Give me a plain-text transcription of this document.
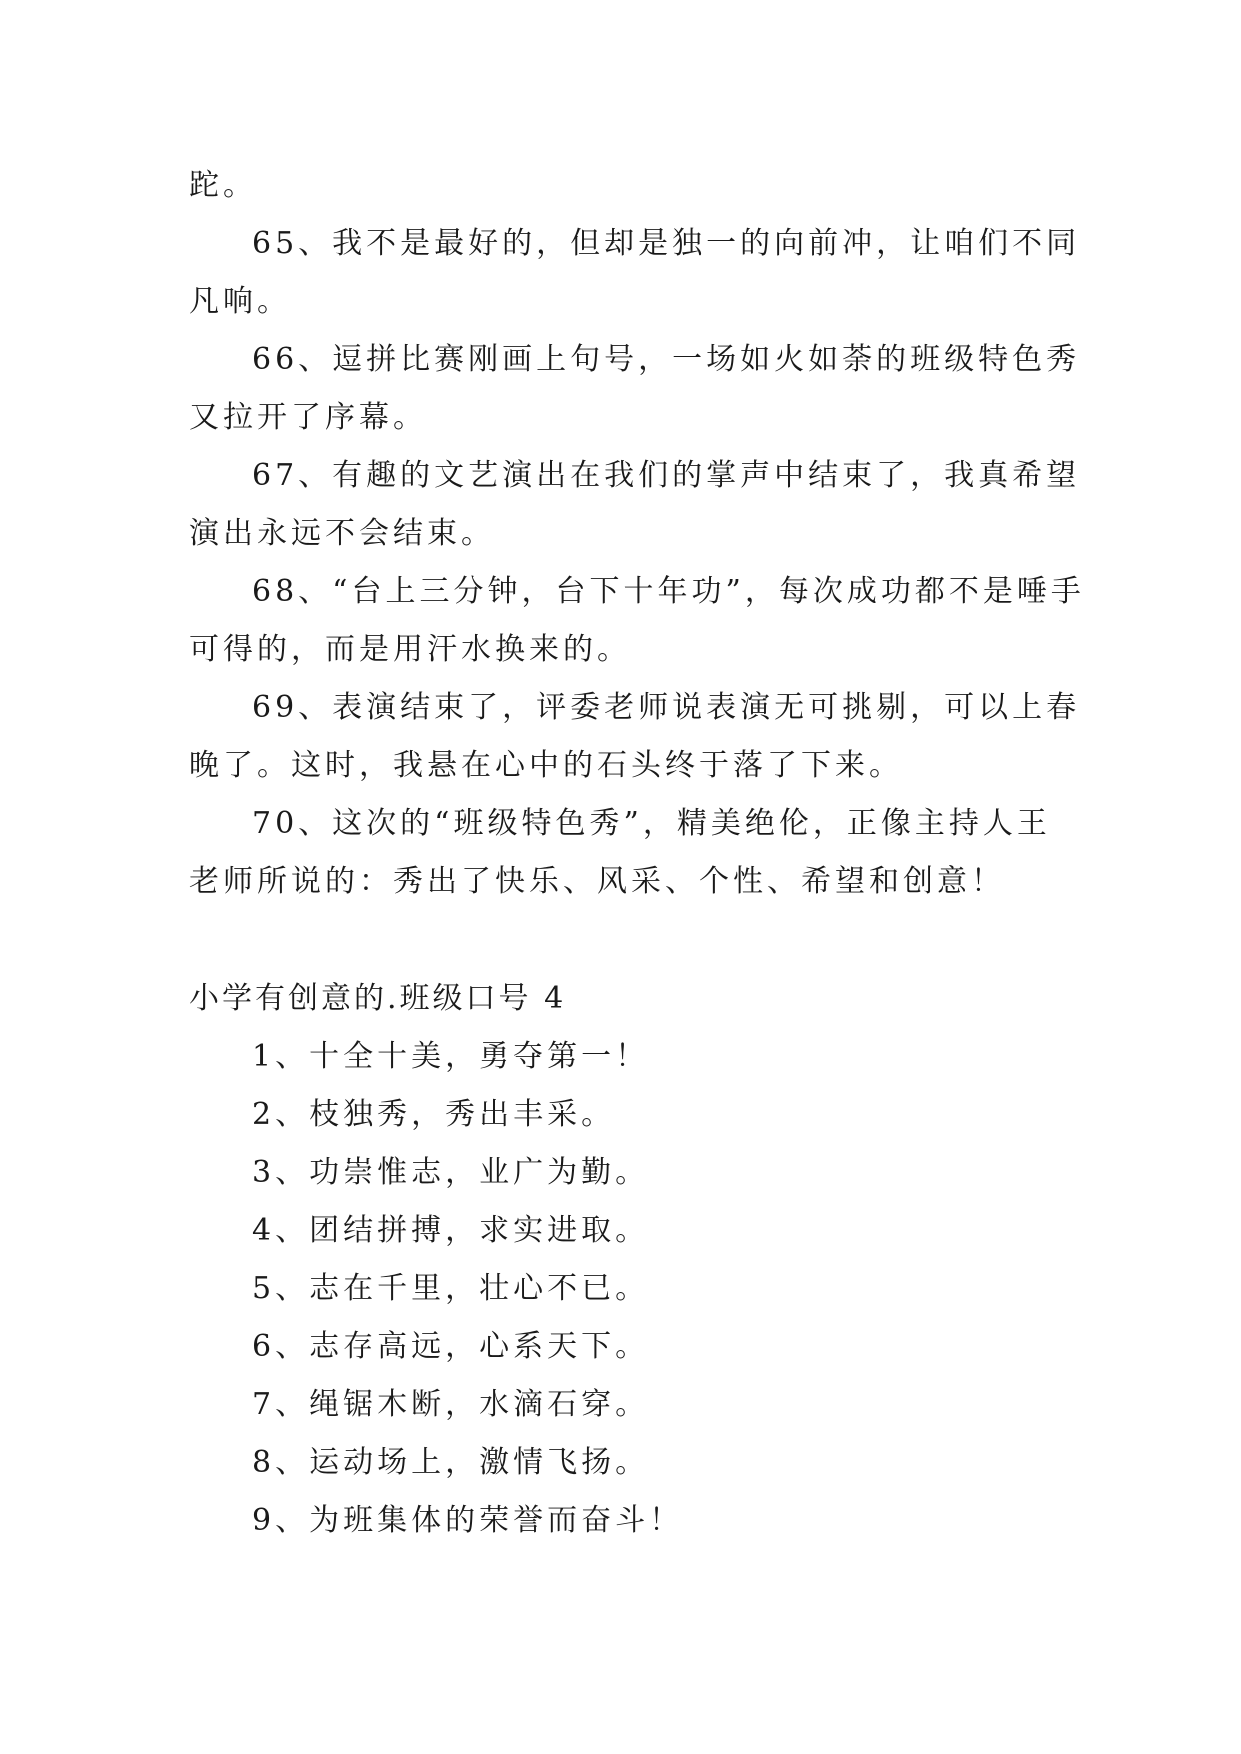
跎。
65、我不是最好的，但却是独一的向前冲，让咱们不同
凡响。
66、逗拼比赛刚画上句号，一场如火如荼的班级特色秀
又拉开了序幕。
67、有趣的文艺演出在我们的掌声中结束了，我真希望
演出永远不会结束。
68、“台上三分钟，台下十年功”，每次成功都不是唾手
可得的，而是用汗水换来的。
69、表演结束了，评委老师说表演无可挑剔，可以上春
晚了。这时，我悬在心中的石头终于落了下来。
70、这次的“班级特色秀”，精美绝伦，正像主持人王
老师所说的：秀出了快乐、风采、个性、希望和创意！
小学有创意的.班级口号 4
1、十全十美，勇夺第一！
2、枝独秀，秀出丰采。
3、功崇惟志，业广为勤。
4、团结拼搏，求实进取。
5、志在千里，壮心不已。
6、志存高远，心系天下。
7、绳锯木断，水滴石穿。
8、运动场上，激情飞扬。
9、为班集体的荣誉而奋斗！
